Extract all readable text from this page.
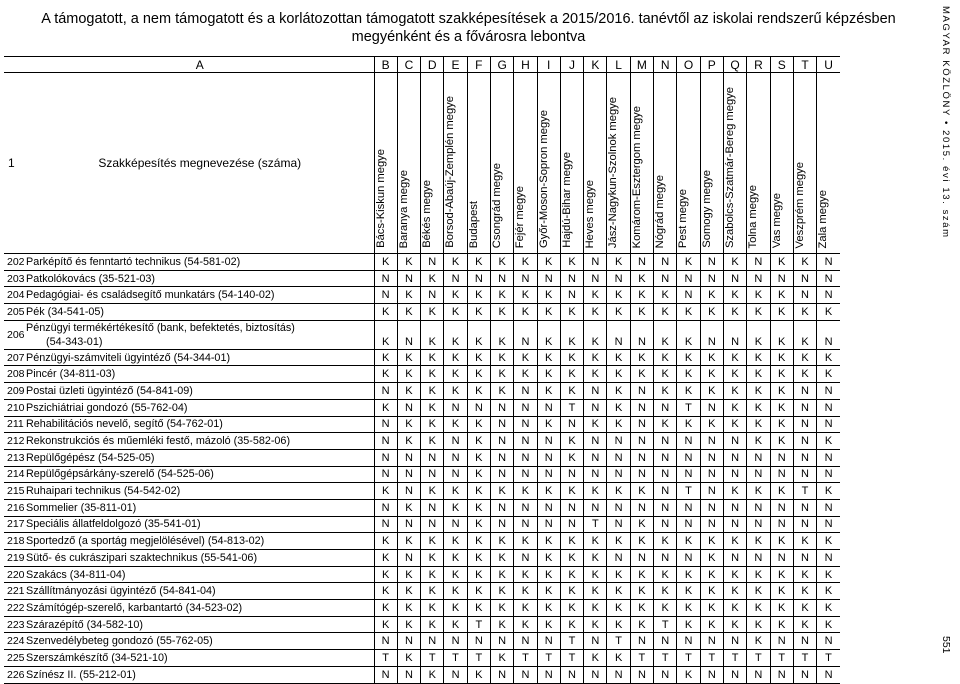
A támogatott, a nem támogatott és a korlátozottan támogatott szakképesítések a 2015/2016. tanévtől az iskolai rendszerű képzésben
megyénként és a fővárosra lebontva	MAGYAR KÖZLÖNY • 2015. évi 13. szám
551
	A	B	C	D	E	F	G	H	I	J	K	L	M	N	O	P	Q	R	S	T	U
1	Szakképesítés megnevezése (száma)	Bács-Kiskun megye	Baranya megye	Békés megye	Borsod-Abaúj-Zemplén megye	Budapest	Csongrád megye	Fejér megye	Győr-Moson-Sopron megye	Hajdú-Bihar megye	Heves megye	Jász-Nagykun-Szolnok megye	Komárom-Esztergom megye	Nógrád megye	Pest megye	Somogy megye	Szabolcs-Szatmár-Bereg megye	Tolna megye	Vas megye	Veszprém megye	Zala megye
202	Parképítő és fenntartó technikus (54-581-02)	K	K	N	K	K	K	K	K	K	N	K	N	N	K	N	K	N	K	K	N
203	Patkolókovács (35-521-03)	N	N	K	N	N	N	N	N	N	N	N	K	N	N	N	N	N	N	N	N
204	Pedagógiai- és családsegítő munkatárs (54-140-02)	N	K	N	K	K	K	K	K	N	K	K	K	K	N	K	K	K	K	N	N
205	Pék (34-541-05)	K	K	K	K	K	K	K	K	K	K	K	K	K	K	K	K	K	K	K	K
206	Pénzügyi termékértékesítő (bank, befektetés, biztosítás)
(54-343-01)	K	N	K	K	K	K	N	K	K	K	N	N	K	K	N	N	K	K	K	N
207	Pénzügyi-számviteli ügyintéző (54-344-01)	K	K	K	K	K	K	K	K	K	K	K	K	K	K	K	K	K	K	K	K
208	Pincér (34-811-03)	K	K	K	K	K	K	K	K	K	K	K	K	K	K	K	K	K	K	K	K
209	Postai üzleti ügyintéző (54-841-09)	N	K	K	K	K	K	N	K	K	N	K	N	K	K	K	K	K	K	N	N
210	Pszichiátriai gondozó (55-762-04)	K	N	K	N	N	N	N	N	T	N	K	N	N	T	N	K	K	K	N	N
211	Rehabilitációs nevelő, segítő (54-762-01)	N	K	K	K	K	N	N	K	N	K	K	N	K	K	K	K	K	K	N	N
212	Rekonstrukciós és műemléki festő, mázoló (35-582-06)	N	K	K	N	K	N	N	N	K	N	N	N	N	N	N	N	K	K	N	K
213	Repülőgépész (54-525-05)	N	N	N	N	K	N	N	N	K	N	N	N	N	N	N	N	N	N	N	N
214	Repülőgépsárkány-szerelő (54-525-06)	N	N	N	N	K	N	N	N	N	N	N	N	N	N	N	N	N	N	N	N
215	Ruhaipari technikus (54-542-02)	K	N	K	K	K	K	K	K	K	K	K	K	N	T	N	K	K	K	T	K
216	Sommelier (35-811-01)	N	K	N	K	K	N	N	N	N	N	N	N	N	N	N	N	N	N	N	N
217	Speciális állatfeldolgozó (35-541-01)	N	N	N	N	K	N	N	N	N	T	N	K	N	N	N	N	N	N	N	N
218	Sportedző (a sportág megjelölésével) (54-813-02)	K	K	K	K	K	K	K	K	K	K	K	K	K	K	K	K	K	K	K	K
219	Sütő- és cukrászipari szaktechnikus (55-541-06)	K	N	K	K	K	K	N	K	K	K	N	N	N	N	K	N	N	N	N	N
220	Szakács (34-811-04)	K	K	K	K	K	K	K	K	K	K	K	K	K	K	K	K	K	K	K	K
221	Szállítmányozási ügyintéző (54-841-04)	K	K	K	K	K	K	K	K	K	K	K	K	K	K	K	K	K	K	K	K
222	Számítógép-szerelő, karbantartó (34-523-02)	K	K	K	K	K	K	K	K	K	K	K	K	K	K	K	K	K	K	K	K
223	Szárazépítő (34-582-10)	K	K	K	K	T	K	K	K	K	K	K	K	T	K	K	K	K	K	K	K
224	Szenvedélybeteg gondozó (55-762-05)	N	N	N	N	N	N	N	N	T	N	T	N	N	N	N	N	K	N	N	N
225	Szerszámkészítő (34-521-10)	T	K	T	T	T	K	T	T	T	K	K	T	T	T	T	T	T	T	T	T
226	Színész II. (55-212-01)	N	N	K	N	K	N	N	N	N	N	N	N	N	K	N	N	N	N	N	N
